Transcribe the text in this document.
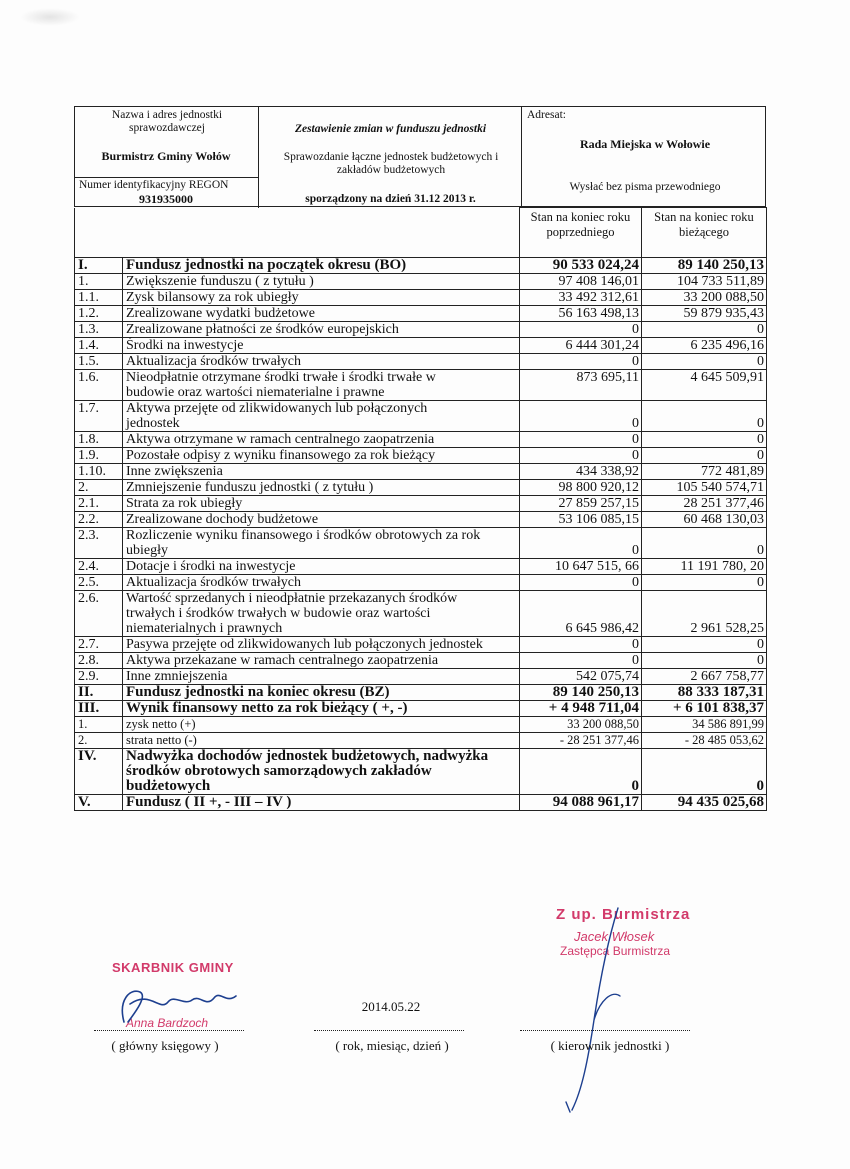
Nazwa i adres jednostki sprawozdawczej
Burmistrz Gminy Wołów
Numer identyfikacyjny REGON
931935000
Zestawienie zmian w funduszu jednostki
Sprawozdanie łączne jednostek budżetowych i zakładów budżetowych
sporządzony na dzień 31.12 2013 r.
Adresat:
Rada Miejska w Wołowie
Wysłać bez pisma przewodniego
		Stan na koniec roku poprzedniego	Stan na koniec roku bieżącego
I.	Fundusz jednostki na początek okresu (BO)	90 533 024,24	89 140 250,13
1.	Zwiększenie funduszu ( z tytułu )	97 408 146,01	104 733 511,89
1.1.	Zysk bilansowy za rok ubiegły	33 492 312,61	33 200 088,50
1.2.	Zrealizowane wydatki budżetowe	56 163 498,13	59 879 935,43
1.3.	Zrealizowane płatności ze środków europejskich	0	0
1.4.	Środki na inwestycje	6 444 301,24	6 235 496,16
1.5.	Aktualizacja środków trwałych	0	0
1.6.	Nieodpłatnie otrzymane środki trwałe i środki trwałe w
budowie oraz wartości niematerialne i prawne	873 695,11	4 645 509,91
1.7.	Aktywa przejęte od zlikwidowanych lub połączonych
jednostek	0	0
1.8.	Aktywa otrzymane w ramach centralnego zaopatrzenia	0	0
1.9.	Pozostałe odpisy z wyniku finansowego za rok bieżący	0	0
1.10.	Inne zwiększenia	434 338,92	772 481,89
2.	Zmniejszenie funduszu jednostki ( z tytułu )	98 800 920,12	105 540 574,71
2.1.	Strata za rok ubiegły	27 859 257,15	28 251 377,46
2.2.	Zrealizowane dochody budżetowe	53 106 085,15	60 468 130,03
2.3.	Rozliczenie wyniku finansowego i środków obrotowych za rok
ubiegły	0	0
2.4.	Dotacje i środki na inwestycje	10 647 515, 66	11 191 780, 20
2.5.	Aktualizacja środków trwałych	0	0
2.6.	Wartość sprzedanych i nieodpłatnie przekazanych środków
trwałych i środków trwałych w budowie oraz wartości
niematerialnych i prawnych	6 645 986,42	2 961 528,25
2.7.	Pasywa przejęte od zlikwidowanych lub połączonych jednostek	0	0
2.8.	Aktywa przekazane w ramach centralnego zaopatrzenia	0	0
2.9.	Inne zmniejszenia	542 075,74	2 667 758,77
II.	Fundusz jednostki na koniec okresu (BZ)	89 140 250,13	88 333 187,31
III.	Wynik finansowy netto za rok bieżący ( +, -)	+ 4 948 711,04	+ 6 101 838,37
1.	zysk netto (+)	33 200 088,50	34 586 891,99
2.	strata netto (-)	- 28 251 377,46	- 28 485 053,62
IV.	Nadwyżka dochodów jednostek budżetowych, nadwyżka
środków obrotowych samorządowych zakładów
budżetowych	0	0
V.	Fundusz ( II +, - III – IV )	94 088 961,17	94 435 025,68
Z up. Burmistrza
Jacek Włosek
Zastępca Burmistrza
SKARBNIK GMINY
Anna Bardzoch
2014.05.22
( główny księgowy )	( rok, miesiąc, dzień )	( kierownik jednostki )
